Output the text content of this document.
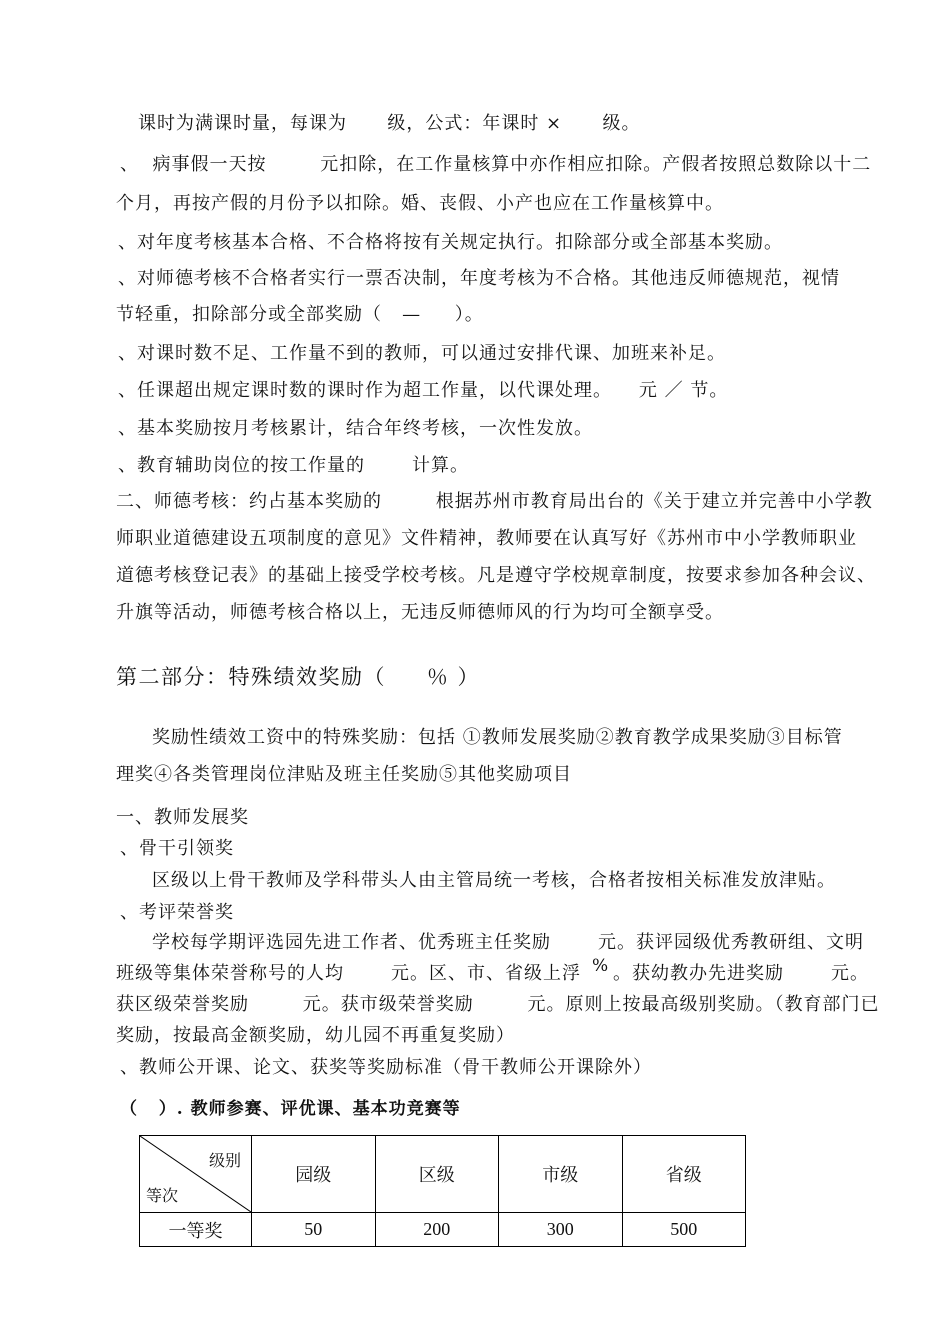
课时为满课时量，每课为      级，公式：年课时 ×      级。
、  病事假一天按        元扣除，在工作量核算中亦作相应扣除。产假者按照总数除以十二
个月，再按产假的月份予以扣除。婚、丧假、小产也应在工作量核算中。
、对年度考核基本合格、不合格将按有关规定执行。扣除部分或全部基本奖励。
、对师德考核不合格者实行一票否决制，年度考核为不合格。其他违反师德规范，视情
节轻重，扣除部分或全部奖励（   —     ）。
、对课时数不足、工作量不到的教师，可以通过安排代课、加班来补足。
、任课超出规定课时数的课时作为超工作量，以代课处理。    元 ／ 节。
、基本奖励按月考核累计，结合年终考核，一次性发放。
、教育辅助岗位的按工作量的       计算。
二、师德考核：约占基本奖励的        根据苏州市教育局出台的《关于建立并完善中小学教
师职业道德建设五项制度的意见》文件精神，教师要在认真写好《苏州市中小学教师职业
道德考核登记表》的基础上接受学校考核。凡是遵守学校规章制度，按要求参加各种会议、
升旗等活动，师德考核合格以上，无违反师德师风的行为均可全额享受。
第二部分：特殊绩效奖励（     ％ ）
奖励性绩效工资中的特殊奖励：包括 ①教师发展奖励②教育教学成果奖励③目标管
理奖④各类管理岗位津贴及班主任奖励⑤其他奖励项目
一、教师发展奖
、骨干引领奖
区级以上骨干教师及学科带头人由主管局统一考核，合格者按相关标准发放津贴。
、考评荣誉奖
学校每学期评选园先进工作者、优秀班主任奖励       元。获评园级优秀教研组、文明
班级等集体荣誉称号的人均       元。区、市、省级上浮 % 。获幼教办先进奖励       元。
获区级荣誉奖励        元。获市级荣誉奖励        元。原则上按最高级别奖励。（教育部门已
奖励，按最高金额奖励，幼儿园不再重复奖励）
、教师公开课、论文、获奖等奖励标准（骨干教师公开课除外）
（   ）. 教师参赛、评优课、基本功竞赛等
级别
等次	园级	区级	市级	省级
一等奖	50	200	300	500
